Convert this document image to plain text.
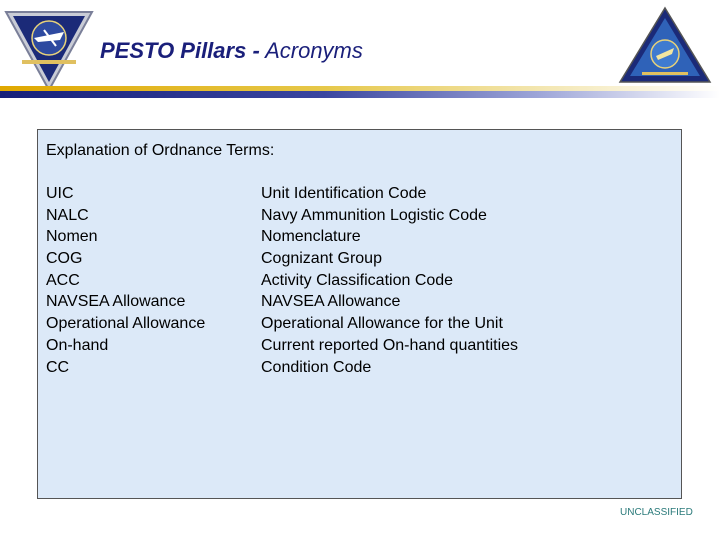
PESTO Pillars - Acronyms
Explanation of Ordnance Terms:
UIC
NALC
Nomen
COG
ACC
NAVSEA Allowance
Operational Allowance
On-hand
CC
Unit Identification Code
Navy Ammunition Logistic Code
Nomenclature
Cognizant Group
Activity Classification Code
NAVSEA Allowance
Operational Allowance for the Unit
Current reported On-hand quantities
Condition Code
UNCLASSIFIED
